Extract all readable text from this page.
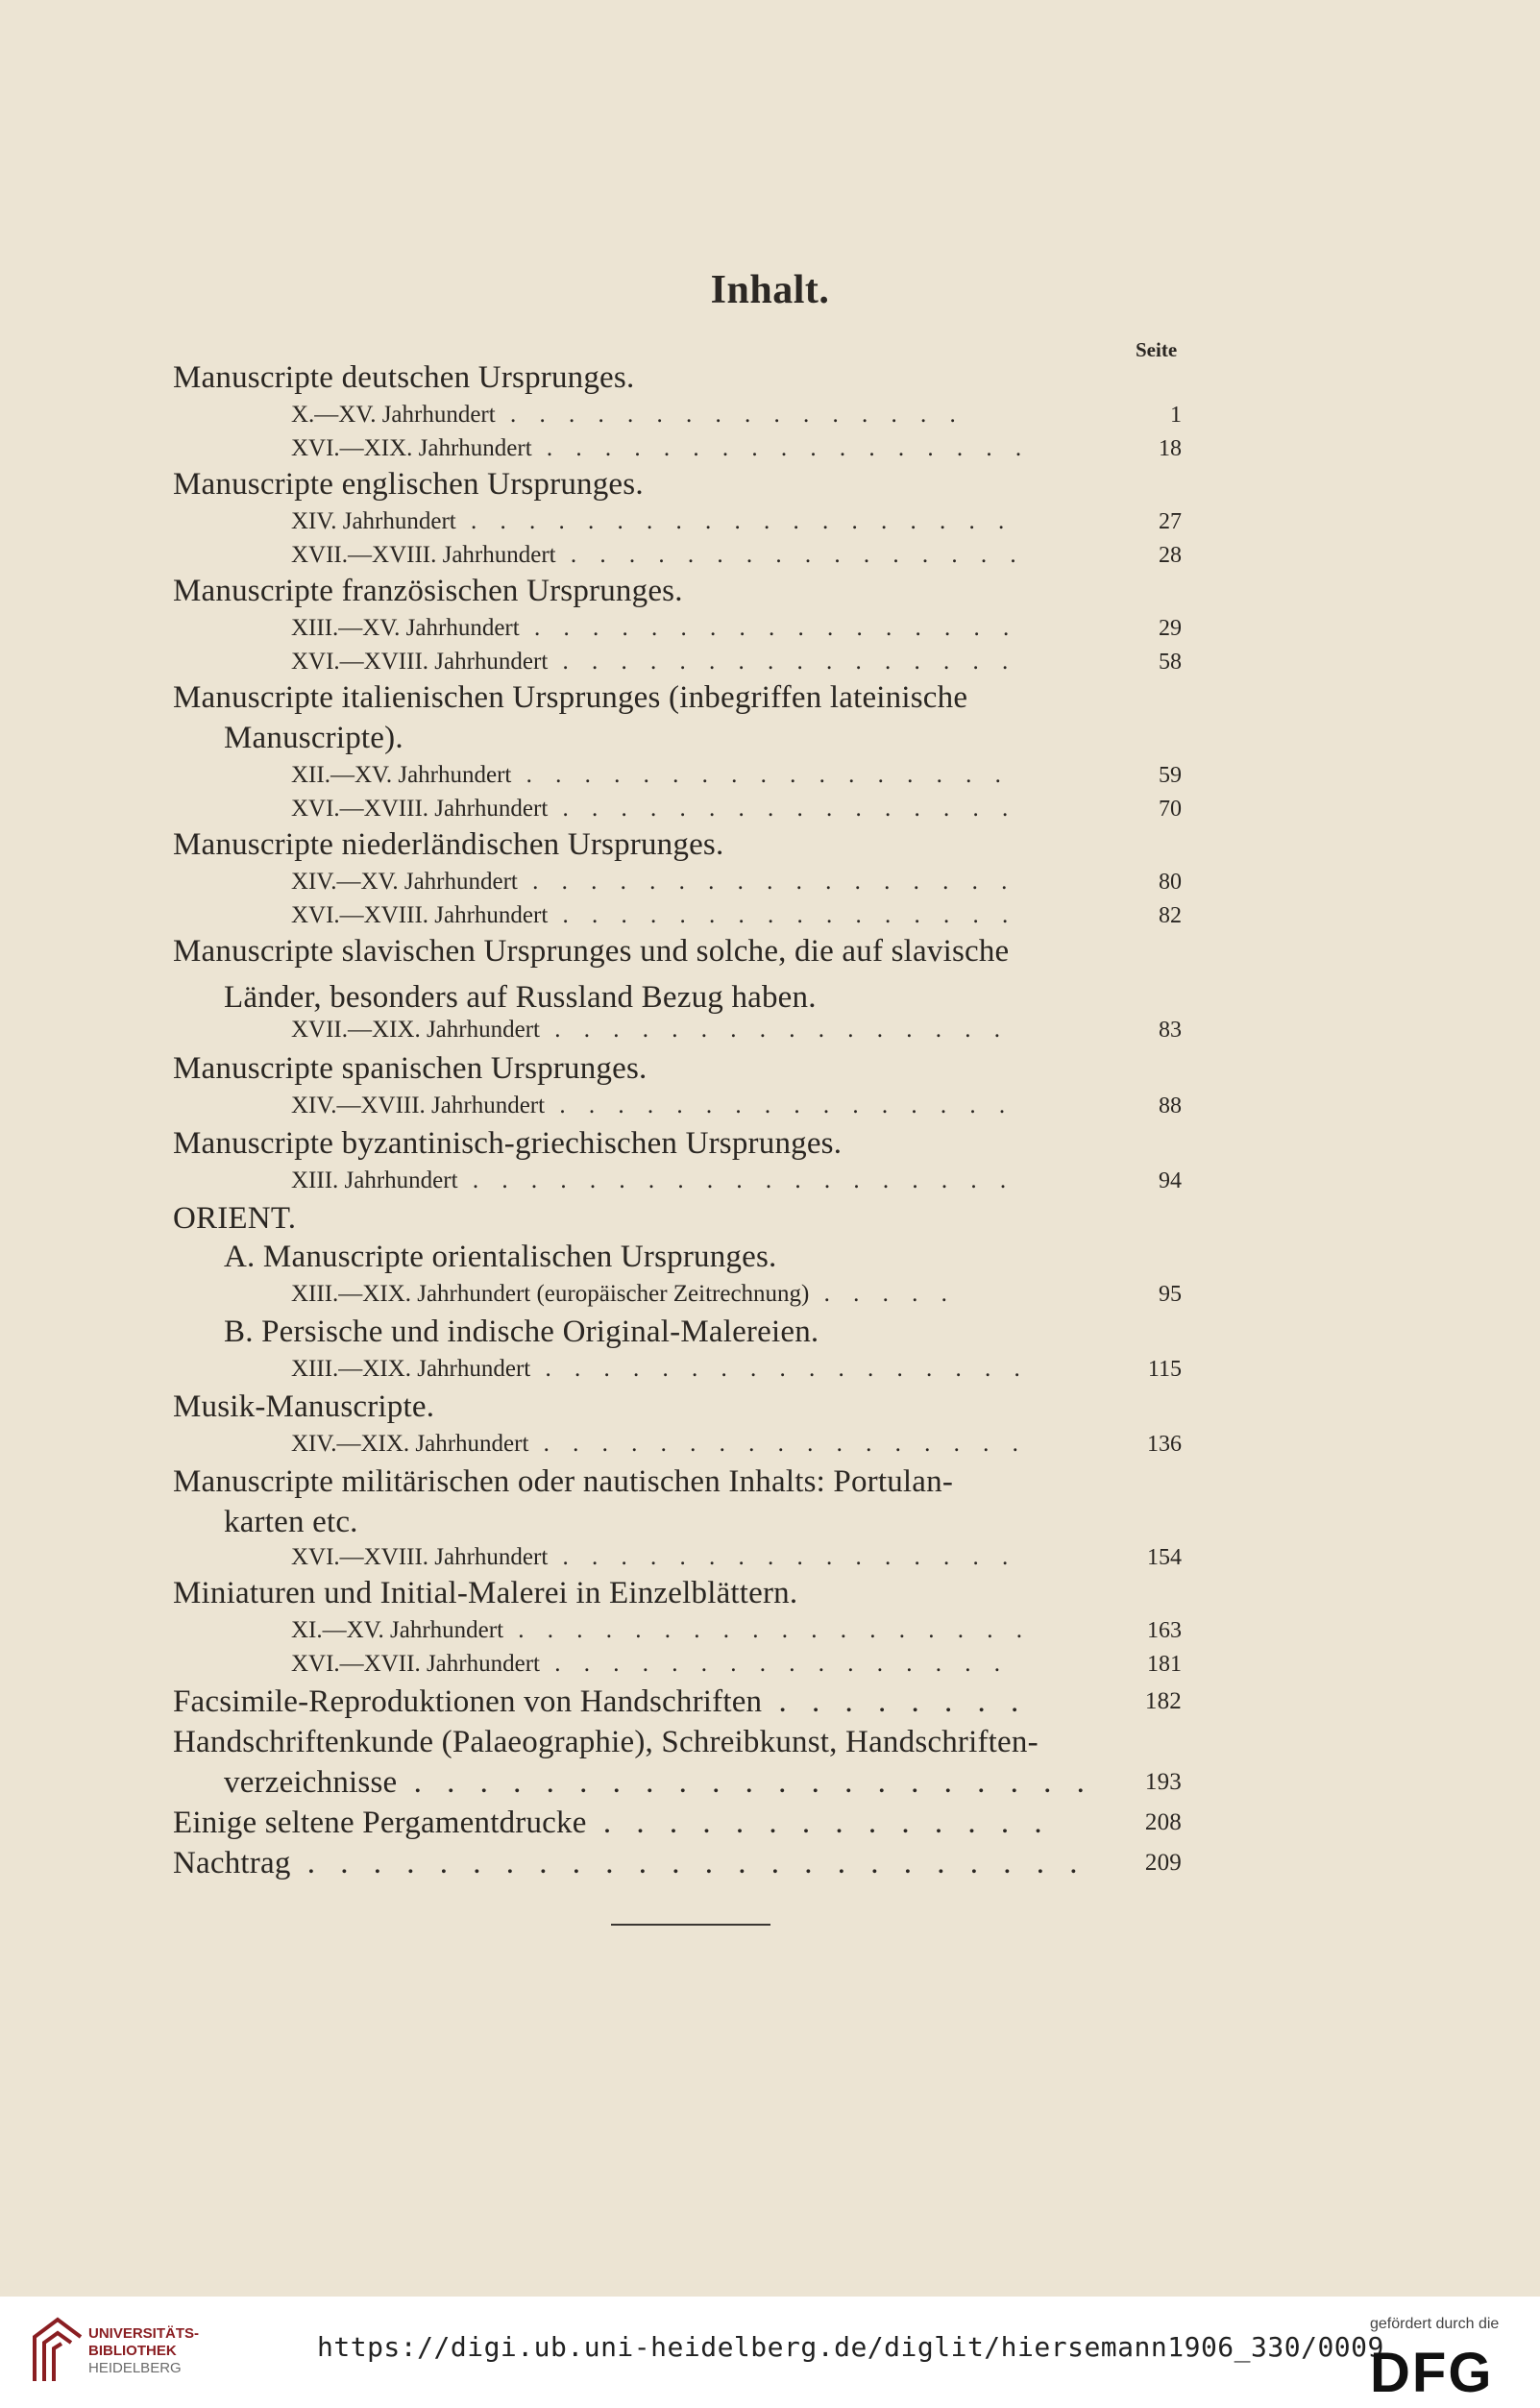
Inhalt.
Seite
Manuscripte deutschen Ursprunges.
X.—XV. Jahrhundert . . . . . . . . . . . . . . . .	1
XVI.—XIX. Jahrhundert . . . . . . . . . . . . . . . . .	18
Manuscripte englischen Ursprunges.
XIV. Jahrhundert . . . . . . . . . . . . . . . . . . .	27
XVII.—XVIII. Jahrhundert . . . . . . . . . . . . . . . .	28
Manuscripte französischen Ursprunges.
XIII.—XV. Jahrhundert . . . . . . . . . . . . . . . . .	29
XVI.—XVIII. Jahrhundert . . . . . . . . . . . . . . . .	58
Manuscripte italienischen Ursprunges (inbegriffen lateinische
Manuscripte).
XII.—XV. Jahrhundert . . . . . . . . . . . . . . . . .	59
XVI.—XVIII. Jahrhundert . . . . . . . . . . . . . . . .	70
Manuscripte niederländischen Ursprunges.
XIV.—XV. Jahrhundert . . . . . . . . . . . . . . . . .	80
XVI.—XVIII. Jahrhundert . . . . . . . . . . . . . . . .	82
Manuscripte slavischen Ursprunges und solche, die auf slavische
Länder, besonders auf Russland Bezug haben.
XVII.—XIX. Jahrhundert . . . . . . . . . . . . . . . .	83
Manuscripte spanischen Ursprunges.
XIV.—XVIII. Jahrhundert . . . . . . . . . . . . . . . .	88
Manuscripte byzantinisch-griechischen Ursprunges.
XIII. Jahrhundert . . . . . . . . . . . . . . . . . . .	94
ORIENT.
A. Manuscripte orientalischen Ursprunges.
XIII.—XIX. Jahrhundert (europäischer Zeitrechnung) . . . . .	95
B. Persische und indische Original-Malereien.
XIII.—XIX. Jahrhundert . . . . . . . . . . . . . . . . .	115
Musik-Manuscripte.
XIV.—XIX. Jahrhundert . . . . . . . . . . . . . . . . .	136
Manuscripte militärischen oder nautischen Inhalts: Portulan-
karten etc.
XVI.—XVIII. Jahrhundert . . . . . . . . . . . . . . . .	154
Miniaturen und Initial-Malerei in Einzelblättern.
XI.—XV. Jahrhundert . . . . . . . . . . . . . . . . . .	163
XVI.—XVII. Jahrhundert . . . . . . . . . . . . . . . .	181
Facsimile-Reproduktionen von Handschriften . . . . . . . .	182
Handschriftenkunde (Palaeographie), Schreibkunst, Handschriften-
verzeichnisse . . . . . . . . . . . . . . . . . . . . .	193
Einige seltene Pergamentdrucke . . . . . . . . . . . . . .	208
Nachtrag . . . . . . . . . . . . . . . . . . . . . . . .	209
UNIVERSITÄTS-
BIBLIOTHEK
HEIDELBERG
https://digi.ub.uni-heidelberg.de/diglit/hiersemann1906_330/0009
gefördert durch die
DFG
